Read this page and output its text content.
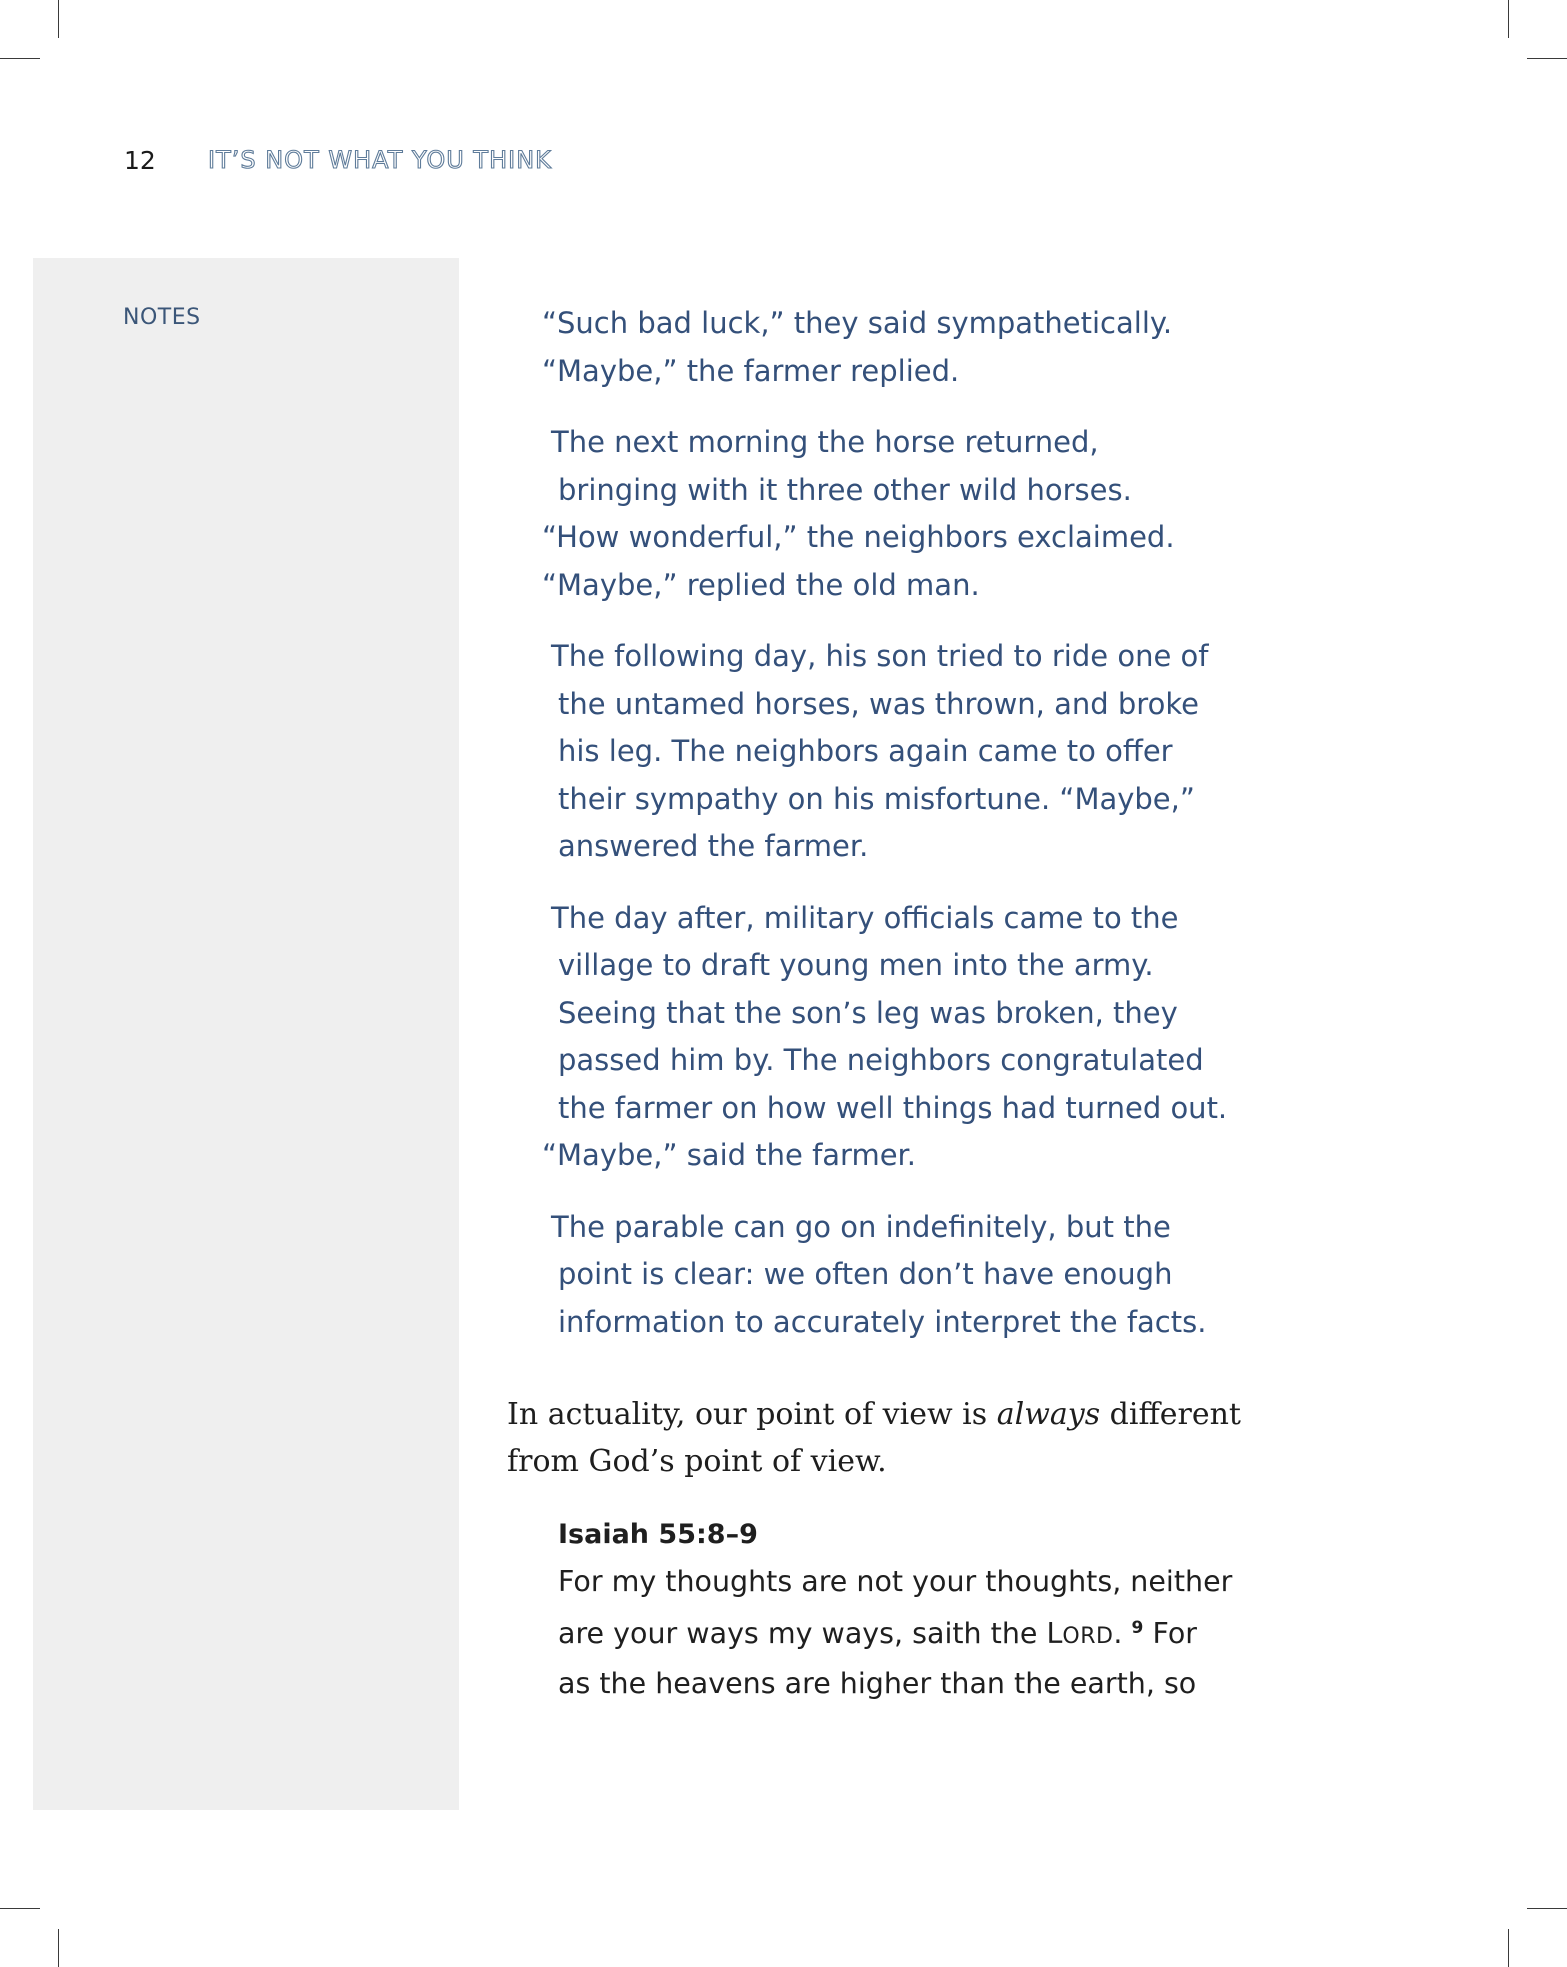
12 IT’S NOT WHAT YOU THINK
NOTES	“Such bad luck,” they said sympathetically.
“Maybe,” the farmer replied.
The next morning the horse returned,
bringing with it three other wild horses.
“How wonderful,” the neighbors exclaimed.
“Maybe,” replied the old man.
The following day, his son tried to ride one of
the untamed horses, was thrown, and broke
his leg. The neighbors again came to offer
their sympathy on his misfortune. “Maybe,”
answered the farmer.
The day after, military officials came to the
village to draft young men into the army.
Seeing that the son’s leg was broken, they
passed him by. The neighbors congratulated
the farmer on how well things had turned out.
“Maybe,” said the farmer.
The parable can go on indefinitely, but the
point is clear: we often don’t have enough
information to accurately interpret the facts.
In actuality, our point of view is always different
from God’s point of view.
Isaiah 55:8–9
For my thoughts are not your thoughts, neither
are your ways my ways, saith the LORD. $^9$ For
as the heavens are higher than the earth, so
